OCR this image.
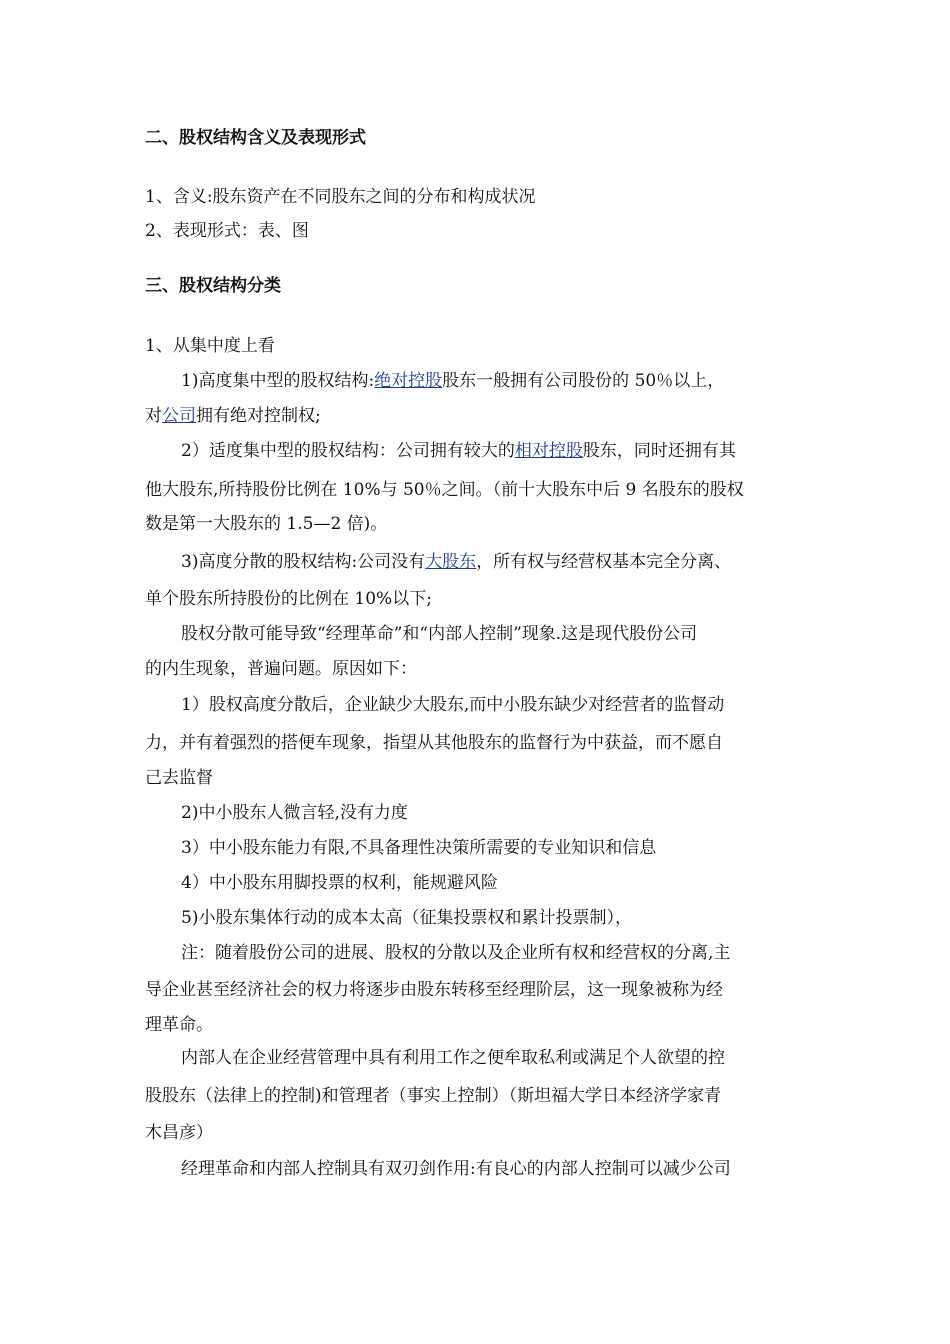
二、股权结构含义及表现形式
1、含义:股东资产在不同股东之间的分布和构成状况
2、表现形式：表、图
三、股权结构分类
1、从集中度上看
1)高度集中型的股权结构:绝对控股股东一般拥有公司股份的 50％以上，
对公司拥有绝对控制权;
2）适度集中型的股权结构：公司拥有较大的相对控股股东，同时还拥有其
他大股东,所持股份比例在 10%与 50％之间。（前十大股东中后 9 名股东的股权
数是第一大股东的 1.5—2 倍)。
3)高度分散的股权结构:公司没有大股东，所有权与经营权基本完全分离、
单个股东所持股份的比例在 10%以下;
股权分散可能导致“经理革命”和“内部人控制”现象.这是现代股份公司
的内生现象，普遍问题。原因如下：
1）股权高度分散后，企业缺少大股东,而中小股东缺少对经营者的监督动
力，并有着强烈的搭便车现象，指望从其他股东的监督行为中获益，而不愿自
己去监督
2)中小股东人微言轻,没有力度
3）中小股东能力有限,不具备理性决策所需要的专业知识和信息
4）中小股东用脚投票的权利，能规避风险
5)小股东集体行动的成本太高（征集投票权和累计投票制），
注：随着股份公司的进展、股权的分散以及企业所有权和经营权的分离,主
导企业甚至经济社会的权力将逐步由股东转移至经理阶层，这一现象被称为经
理革命。
内部人在企业经营管理中具有利用工作之便牟取私利或满足个人欲望的控
股股东（法律上的控制)和管理者（事实上控制）（斯坦福大学日本经济学家青
木昌彦）
经理革命和内部人控制具有双刃剑作用:有良心的内部人控制可以减少公司
